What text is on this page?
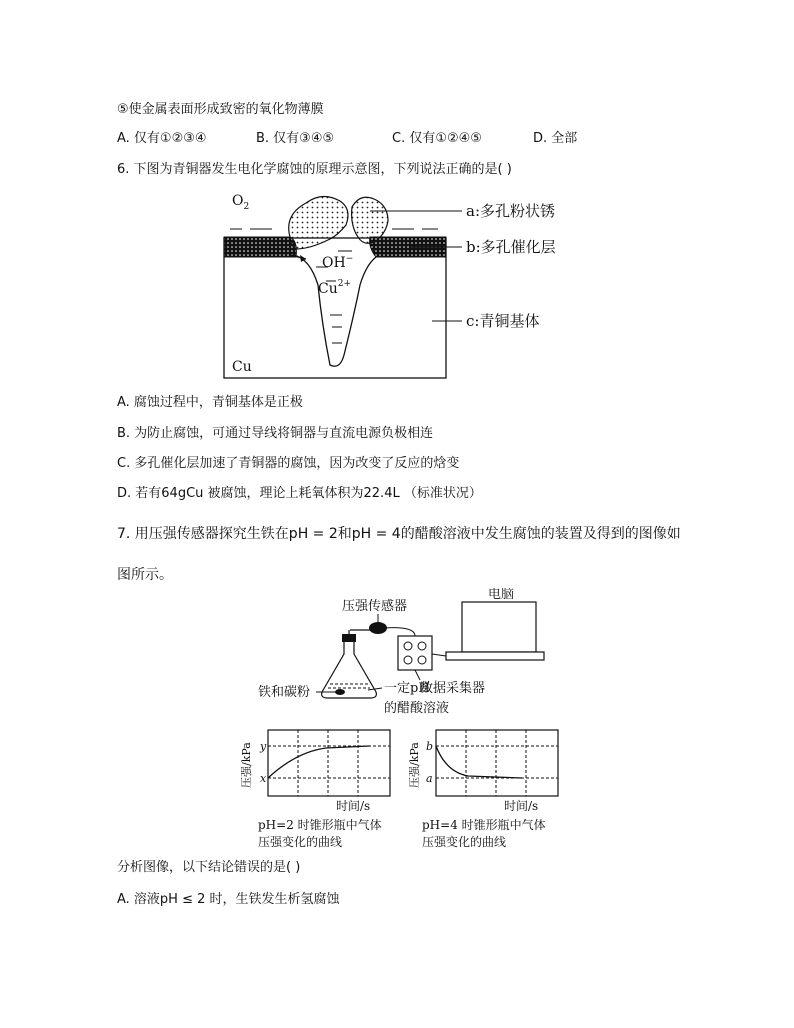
⑤使金属表面形成致密的氧化物薄膜
A. 仅有①②③④	B. 仅有③④⑤	C. 仅有①②④⑤	D. 全部
6. 下图为青铜器发生电化学腐蚀的原理示意图，下列说法正确的是( )
$O_2$
OH−
$Cu^{2+}$
Cu
a:多孔粉状锈
b:多孔催化层
c:青铜基体
A. 腐蚀过程中，青铜基体是正极
B. 为防止腐蚀，可通过导线将铜器与直流电源负极相连
C. 多孔催化层加速了青铜器的腐蚀，因为改变了反应的焓变
D. 若有64gCu 被腐蚀，理论上耗氧体积为22.4L （标准状况）
7. 用压强传感器探究生铁在pH = 2和pH = 4的醋酸溶液中发生腐蚀的装置及得到的图像如
图所示。
电脑
压强传感器
铁和碳粉	一定pH
的醋酸溶液
数据采集器
y
x
压强/kPa
时间/s
pH=2 时锥形瓶中气体
压强变化的曲线
b
a
压强/kPa
时间/s
pH=4 时锥形瓶中气体
压强变化的曲线
分析图像，以下结论错误的是( )
A. 溶液pH ≤ 2 时，生铁发生析氢腐蚀
